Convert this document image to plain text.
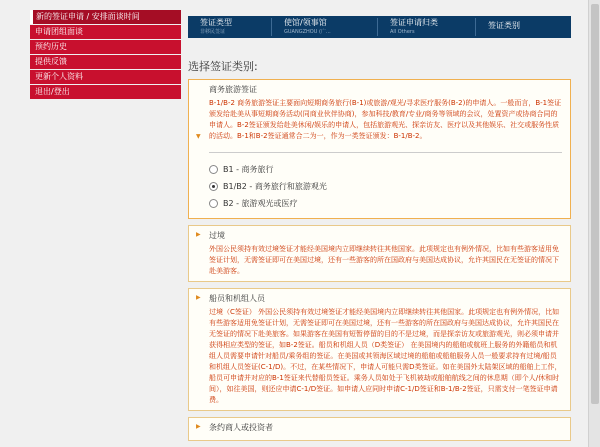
新的签证申请 / 安排面谈时间
申请团组面谈
预约历史
提供反馈
更新个人资料
退出/登出
签证类型
非移民签证
使馆/领事馆
GUANGZHOU (广...
签证申请归类
All Others
签证类别
选择签证类别:
商务旅游签证
▼
B-1/B-2 商务旅游签证主要面向短期商务旅行(B-1)或旅游/观光/寻求医疗服务(B-2)的申请人。一般而言，B-1签证颁发给赴美从事短期商务活动(同商业伙伴协商)，参加科技/教育/专业/商务等领域的会议，处置资产或协商合同的申请人。B-2签证颁发给赴美休闲/娱乐的申请人，包括旅游观光、探亲访友、医疗以及其他娱乐、社交或服务性质的活动。B-1和B-2签证通常合二为一，作为一类签证颁发：B-1/B-2。
B1 - 商务旅行
B1/B2 - 商务旅行和旅游观光
B2 - 旅游观光或医疗
▶	过境
外国公民须持有效过境签证才能经美国境内立即继续转往其他国家。此项规定也有例外情况，比如有些游客适用免签证计划，无需签证即可在美国过境，还有一些游客的所在国政府与美国达成协议，允许其国民在无签证的情况下赴美游客。
▶	船员和机组人员
过境（C签证） 外国公民须持有效过境签证才能经美国境内立即继续转往其他国家。此项规定也有例外情况，比如有些游客适用免签证计划，无需签证即可在美国过境，还有一些游客的所在国政府与美国达成协议，允许其国民在无签证的情况下赴美旅客。如果游客在美国有短暂停留的目的不是过境，而是探亲访友或旅游观光，则必须申请并获得相应类型的签证，如B-2签证。船员和机组人员（D类签证） 在美国境内的船舶或航班上服务的外籍船员和机组人员需要申请针对船员/乘务组的签证。在美国或其领海区域过境的船舶或船舶服务人员一般要求持有过境/船员和机组人员签证(C-1/D)。不过，在某些情况下，申请人可能只需D类签证。如在美国外太陆架区域的船舶上工作，船员可申请并对应的B-1签证来代替船员签证。乘务人员如处于飞机被劫或船舶航线之间的休息期（即个人/休和时间），如往美国，则还应申请C-1/D签证。如申请人应同时申请C-1/D签证和B-1/B-2签证，只需支付一笔签证申请费。
▶	条约商人或投资者
